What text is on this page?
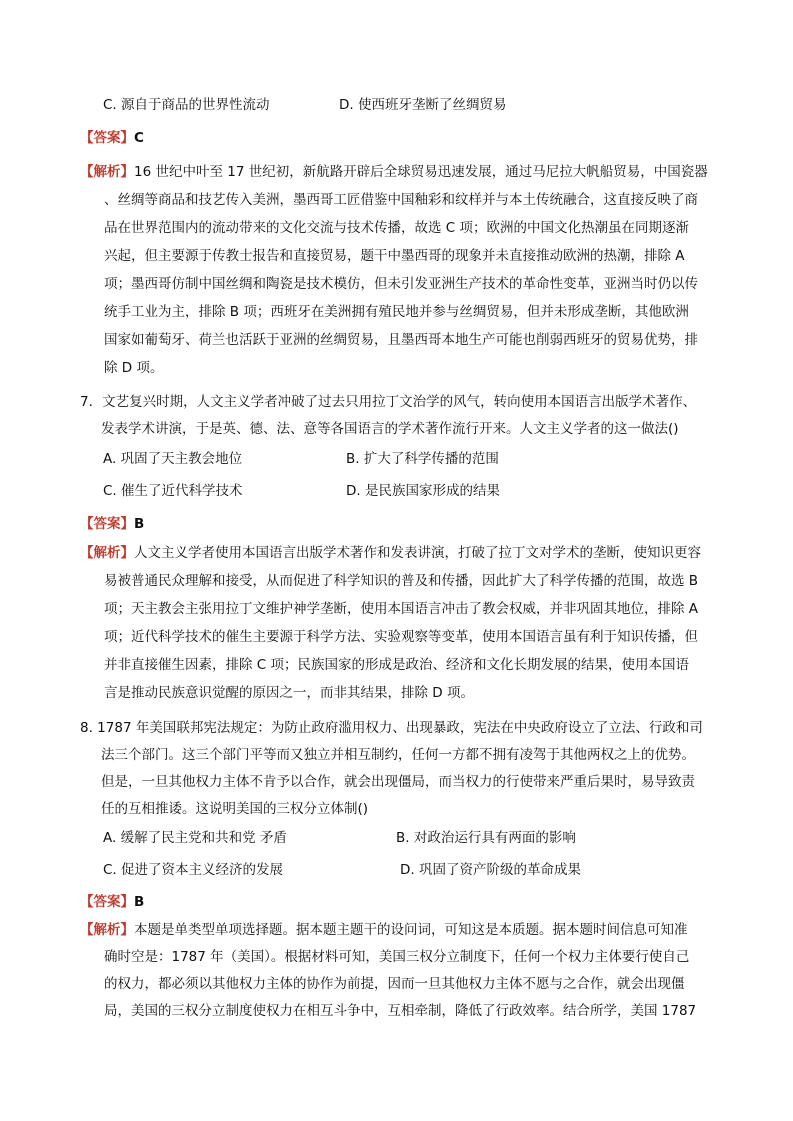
C. 源自于商品的世界性流动	D. 使西班牙垄断了丝绸贸易
【答案】C
【解析】16 世纪中叶至 17 世纪初，新航路开辟后全球贸易迅速发展，通过马尼拉大帆船贸易，中国瓷器
、丝绸等商品和技艺传入美洲，墨西哥工匠借鉴中国釉彩和纹样并与本土传统融合，这直接反映了商
品在世界范围内的流动带来的文化交流与技术传播，故选 C 项；欧洲的中国文化热潮虽在同期逐渐
兴起，但主要源于传教士报告和直接贸易，题干中墨西哥的现象并未直接推动欧洲的热潮，排除 A
项；墨西哥仿制中国丝绸和陶瓷是技术模仿，但未引发亚洲生产技术的革命性变革，亚洲当时仍以传
统手工业为主，排除 B 项；西班牙在美洲拥有殖民地并参与丝绸贸易，但并未形成垄断，其他欧洲
国家如葡萄牙、荷兰也活跃于亚洲的丝绸贸易，且墨西哥本地生产可能也削弱西班牙的贸易优势，排
除 D 项。
7．文艺复兴时期，人文主义学者冲破了过去只用拉丁文治学的风气，转向使用本国语言出版学术著作、
发表学术讲演，于是英、德、法、意等各国语言的学术著作流行开来。人文主义学者的这一做法()
A. 巩固了天主教会地位	B. 扩大了科学传播的范围
C. 催生了近代科学技术	D. 是民族国家形成的结果
【答案】B
【解析】人文主义学者使用本国语言出版学术著作和发表讲演，打破了拉丁文对学术的垄断，使知识更容
易被普通民众理解和接受，从而促进了科学知识的普及和传播，因此扩大了科学传播的范围，故选 B
项；天主教会主张用拉丁文维护神学垄断，使用本国语言冲击了教会权威，并非巩固其地位，排除 A
项；近代科学技术的催生主要源于科学方法、实验观察等变革，使用本国语言虽有利于知识传播，但
并非直接催生因素，排除 C 项；民族国家的形成是政治、经济和文化长期发展的结果，使用本国语
言是推动民族意识觉醒的原因之一，而非其结果，排除 D 项。
8. 1787 年美国联邦宪法规定：为防止政府滥用权力、出现暴政，宪法在中央政府设立了立法、行政和司
法三个部门。这三个部门平等而又独立并相互制约，任何一方都不拥有凌驾于其他两权之上的优势。
但是，一旦其他权力主体不肯予以合作，就会出现僵局，而当权力的行使带来严重后果时，易导致责
任的互相推诿。这说明美国的三权分立体制()
A. 缓解了民主党和共和党 矛盾	B. 对政治运行具有两面的影响
C. 促进了资本主义经济的发展	D. 巩固了资产阶级的革命成果
【答案】B
【解析】本题是单类型单项选择题。据本题主题干的设问词，可知这是本质题。据本题时间信息可知准
确时空是：1787 年（美国）。根据材料可知，美国三权分立制度下，任何一个权力主体要行使自己
的权力，都必须以其他权力主体的协作为前提，因而一旦其他权力主体不愿与之合作，就会出现僵
局，美国的三权分立制度使权力在相互斗争中，互相牵制，降低了行政效率。结合所学，美国 1787
